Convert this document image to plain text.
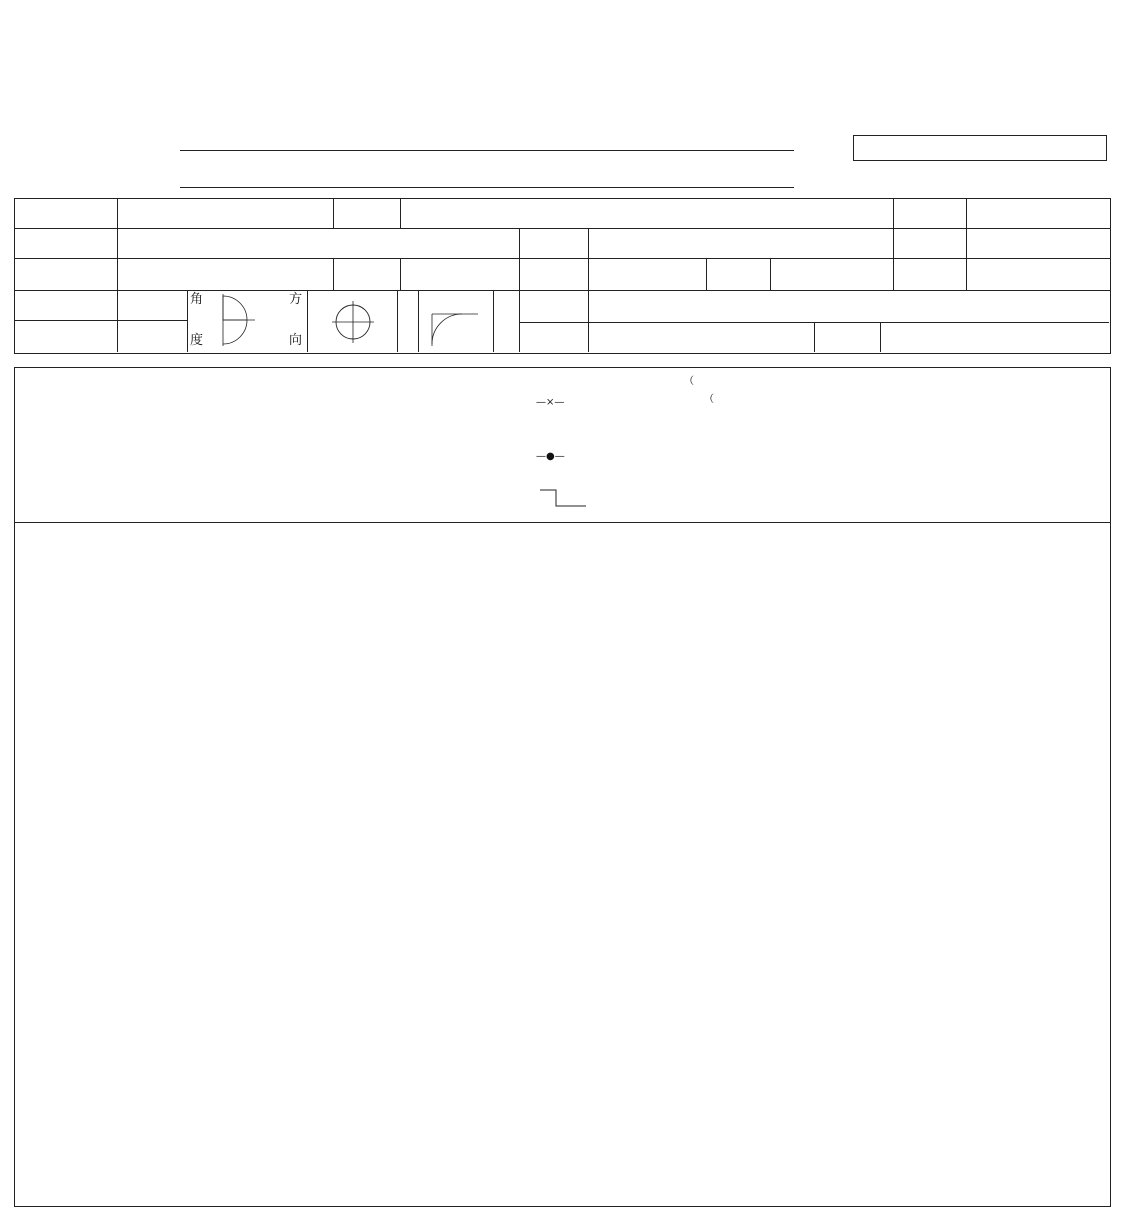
角
度
方
向
—×—
—●—
（
（
